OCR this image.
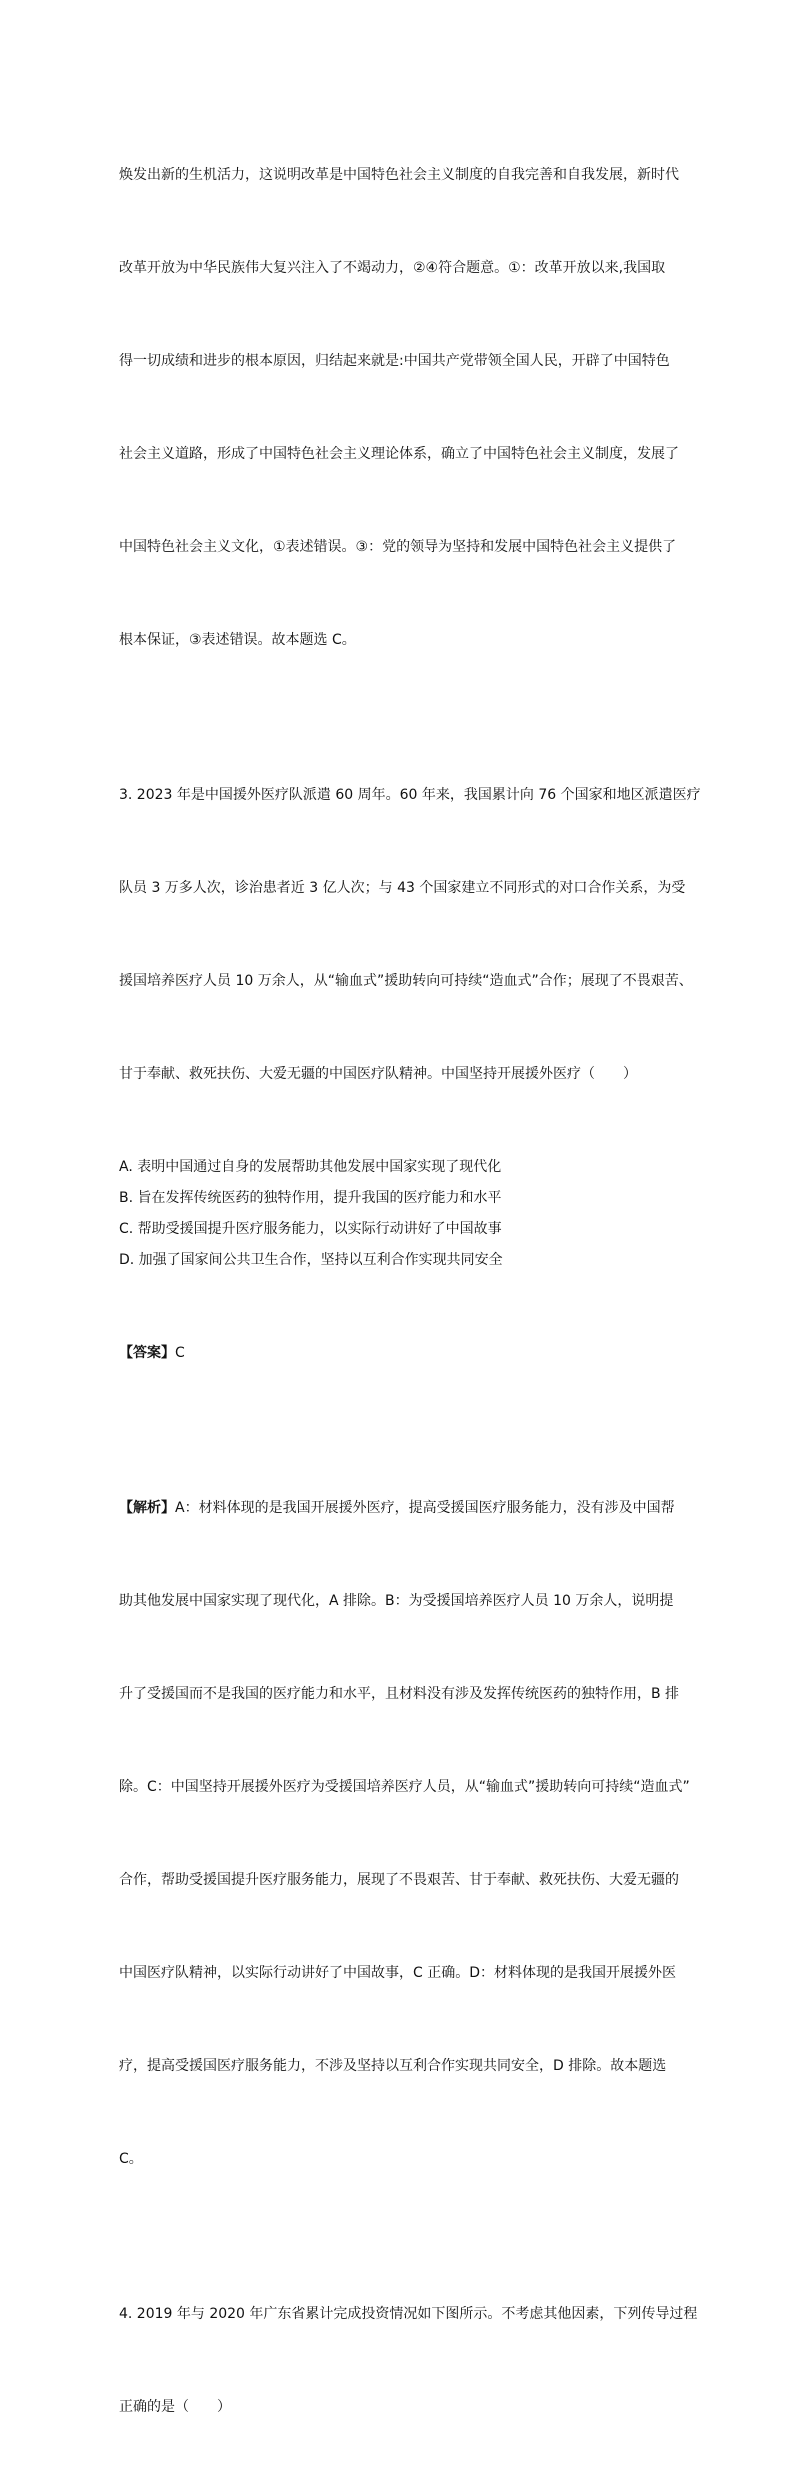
焕发出新的生机活力，这说明改革是中国特色社会主义制度的自我完善和自我发展，新时代

改革开放为中华民族伟大复兴注入了不竭动力，②④符合题意。①：改革开放以来,我国取

得一切成绩和进步的根本原因，归结起来就是:中国共产党带领全国人民，开辟了中国特色

社会主义道路，形成了中国特色社会主义理论体系，确立了中国特色社会主义制度，发展了

中国特色社会主义文化，①表述错误。③：党的领导为坚持和发展中国特色社会主义提供了

根本保证，③表述错误。故本题选 C。

3. 2023 年是中国援外医疗队派遣 60 周年。60 年来，我国累计向 76 个国家和地区派遣医疗

队员 3 万多人次，诊治患者近 3 亿人次；与 43 个国家建立不同形式的对口合作关系，为受

援国培养医疗人员 10 万余人，从“输血式”援助转向可持续“造血式”合作；展现了不畏艰苦、

甘于奉献、救死扶伤、大爱无疆的中国医疗队精神。中国坚持开展援外医疗（　　）

A. 表明中国通过自身的发展帮助其他发展中国家实现了现代化
B. 旨在发挥传统医药的独特作用，提升我国的医疗能力和水平
C. 帮助受援国提升医疗服务能力，以实际行动讲好了中国故事
D. 加强了国家间公共卫生合作，坚持以互利合作实现共同安全

【答案】C

【解析】A：材料体现的是我国开展援外医疗，提高受援国医疗服务能力，没有涉及中国帮

助其他发展中国家实现了现代化，A 排除。B：为受援国培养医疗人员 10 万余人，说明提

升了受援国而不是我国的医疗能力和水平，且材料没有涉及发挥传统医药的独特作用，B 排

除。C：中国坚持开展援外医疗为受援国培养医疗人员，从“输血式”援助转向可持续“造血式”

合作，帮助受援国提升医疗服务能力，展现了不畏艰苦、甘于奉献、救死扶伤、大爱无疆的

中国医疗队精神，以实际行动讲好了中国故事，C 正确。D：材料体现的是我国开展援外医

疗，提高受援国医疗服务能力，不涉及坚持以互利合作实现共同安全，D 排除。故本题选

C。

4. 2019 年与 2020 年广东省累计完成投资情况如下图所示。不考虑其他因素，下列传导过程

正确的是（　　）
